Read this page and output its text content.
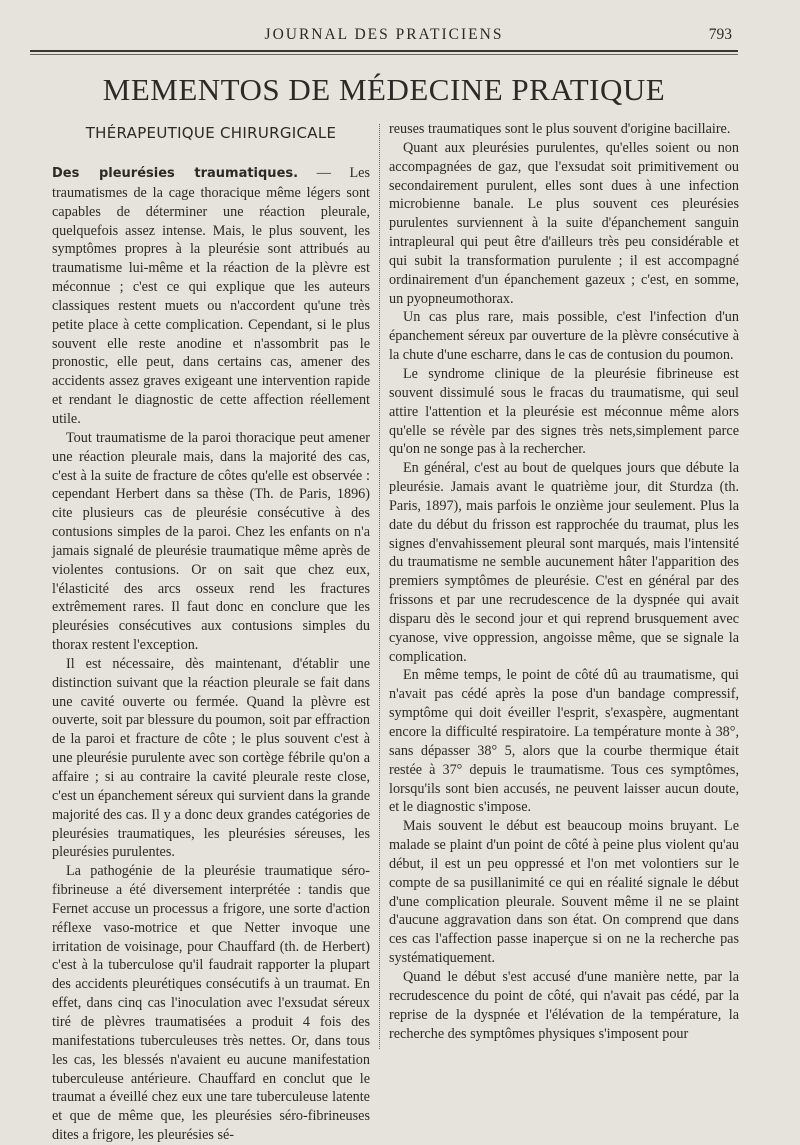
JOURNAL DES PRATICIENS	793
MEMENTOS DE MÉDECINE PRATIQUE
THÉRAPEUTIQUE CHIRURGICALE

Des pleurésies traumatiques. — Les traumatismes de la cage thoracique même légers sont capables de déterminer une réaction pleurale, quelquefois assez intense. Mais, le plus souvent, les symptômes propres à la pleurésie sont attribués au traumatisme lui-même et la réaction de la plèvre est méconnue ; c'est ce qui explique que les auteurs classiques restent muets ou n'accordent qu'une très petite place à cette complication. Cependant, si le plus souvent elle reste anodine et n'assombrit pas le pronostic, elle peut, dans certains cas, amener des accidents assez graves exigeant une intervention rapide et rendant le diagnostic de cette affection réellement utile.

Tout traumatisme de la paroi thoracique peut amener une réaction pleurale mais, dans la majorité des cas, c'est à la suite de fracture de côtes qu'elle est observée : cependant Herbert dans sa thèse (Th. de Paris, 1896) cite plusieurs cas de pleurésie consécutive à des contusions simples de la paroi. Chez les enfants on n'a jamais signalé de pleurésie traumatique même après de violentes contusions. Or on sait que chez eux, l'élasticité des arcs osseux rend les fractures extrêmement rares. Il faut donc en conclure que les pleurésies consécutives aux contusions simples du thorax restent l'exception.

Il est nécessaire, dès maintenant, d'établir une distinction suivant que la réaction pleurale se fait dans une cavité ouverte ou fermée. Quand la plèvre est ouverte, soit par blessure du poumon, soit par effraction de la paroi et fracture de côte ; le plus souvent c'est à une pleurésie purulente avec son cortège fébrile qu'on a affaire ; si au contraire la cavité pleurale reste close, c'est un épanchement séreux qui survient dans la grande majorité des cas. Il y a donc deux grandes catégories de pleurésies traumatiques, les pleurésies séreuses, les pleurésies purulentes.

La pathogénie de la pleurésie traumatique séro-fibrineuse a été diversement interprétée : tandis que Fernet accuse un processus a frigore, une sorte d'action réflexe vaso-motrice et que Netter invoque une irritation de voisinage, pour Chauffard (th. de Herbert) c'est à la tuberculose qu'il faudrait rapporter la plupart des accidents pleurétiques consécutifs à un traumat. En effet, dans cinq cas l'inoculation avec l'exsudat séreux tiré de plèvres traumatisées a produit 4 fois des manifestations tuberculeuses très nettes. Or, dans tous les cas, les blessés n'avaient eu aucune manifestation tuberculeuse antérieure. Chauffard en conclut que le traumat a éveillé chez eux une tare tuberculeuse latente et que de même que, les pleurésies séro-fibrineuses dites a frigore, les pleurésies sé-

reuses traumatiques sont le plus souvent d'origine bacillaire.

Quant aux pleurésies purulentes, qu'elles soient ou non accompagnées de gaz, que l'exsudat soit primitivement ou secondairement purulent, elles sont dues à une infection microbienne banale. Le plus souvent ces pleurésies purulentes surviennent à la suite d'épanchement sanguin intrapleural qui peut être d'ailleurs très peu considérable et qui subit la transformation purulente ; il est accompagné ordinairement d'un épanchement gazeux ; c'est, en somme, un pyopneumothorax.

Un cas plus rare, mais possible, c'est l'infection d'un épanchement séreux par ouverture de la plèvre consécutive à la chute d'une escharre, dans le cas de contusion du poumon.

Le syndrome clinique de la pleurésie fibrineuse est souvent dissimulé sous le fracas du traumatisme, qui seul attire l'attention et la pleurésie est méconnue même alors qu'elle se révèle par des signes très nets,simplement parce qu'on ne songe pas à la rechercher.

En général, c'est au bout de quelques jours que débute la pleurésie. Jamais avant le quatrième jour, dit Sturdza (th. Paris, 1897), mais parfois le onzième jour seulement. Plus la date du début du frisson est rapprochée du traumat, plus les signes d'envahissement pleural sont marqués, mais l'intensité du traumatisme ne semble aucunement hâter l'apparition des premiers symptômes de pleurésie. C'est en général par des frissons et par une recrudescence de la dyspnée qui avait disparu dès le second jour et qui reprend brusquement avec cyanose, vive oppression, angoisse même, que se signale la complication.

En même temps, le point de côté dû au traumatisme, qui n'avait pas cédé après la pose d'un bandage compressif, symptôme qui doit éveiller l'esprit, s'exaspère, augmentant encore la difficulté respiratoire. La température monte à 38°, sans dépasser 38° 5, alors que la courbe thermique était restée à 37° depuis le traumatisme. Tous ces symptômes, lorsqu'ils sont bien accusés, ne peuvent laisser aucun doute, et le diagnostic s'impose.

Mais souvent le début est beaucoup moins bruyant. Le malade se plaint d'un point de côté à peine plus violent qu'au début, il est un peu oppressé et l'on met volontiers sur le compte de sa pusillanimité ce qui en réalité signale le début d'une complication pleurale. Souvent même il ne se plaint d'aucune aggravation dans son état. On comprend que dans ces cas l'affection passe inaperçue si on ne la recherche pas systématiquement.

Quand le début s'est accusé d'une manière nette, par la recrudescence du point de côté, qui n'avait pas cédé, par la reprise de la dyspnée et l'élévation de la température, la recherche des symptômes physiques s'imposent pour
